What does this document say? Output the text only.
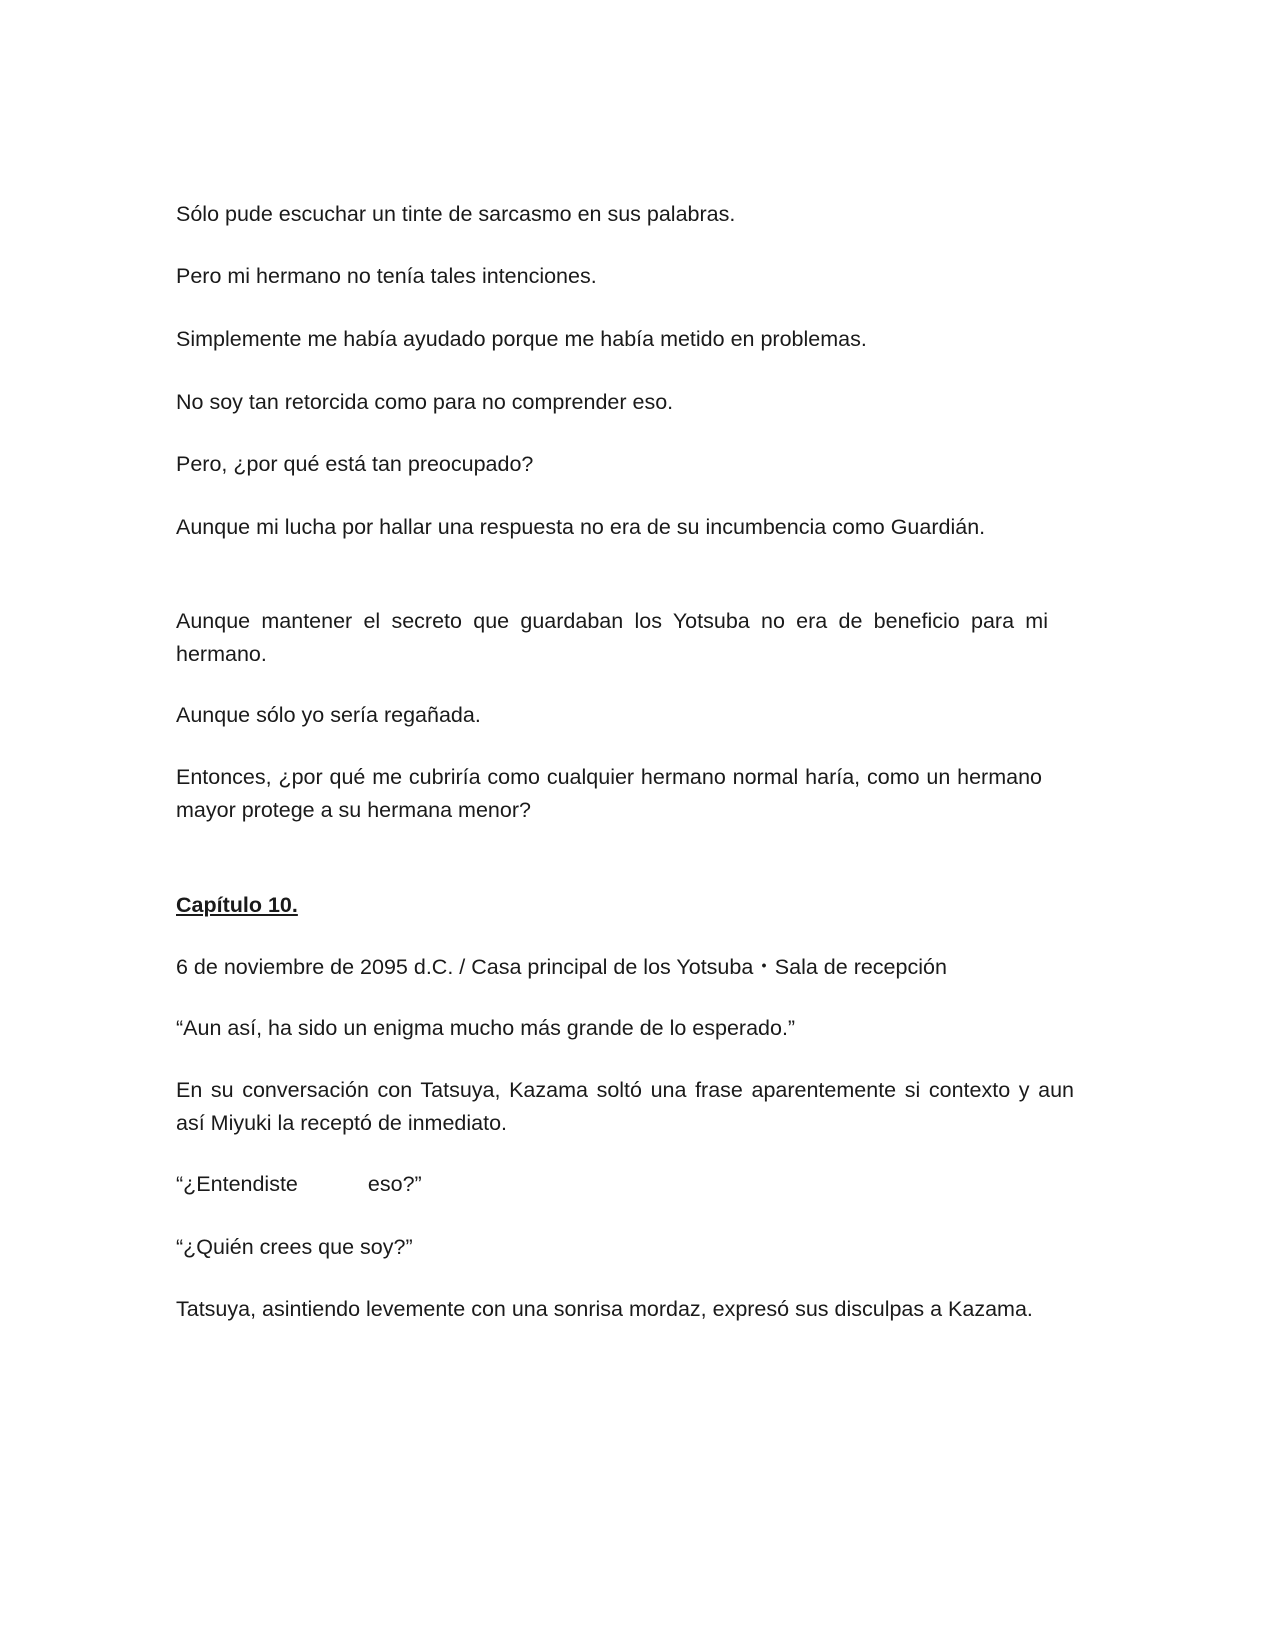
Sólo pude escuchar un tinte de sarcasmo en sus palabras.

Pero mi hermano no tenía tales intenciones.

Simplemente me había ayudado porque me había metido en problemas.

No soy tan retorcida como para no comprender eso.

Pero, ¿por qué está tan preocupado?

Aunque mi lucha por hallar una respuesta no era de su incumbencia como Guardián.

Aunque mantener el secreto que guardaban los Yotsuba no era de beneficio para mi hermano.

Aunque sólo yo sería regañada.

Entonces, ¿por qué me cubriría como cualquier hermano normal haría, como un hermano mayor protege a su hermana menor?

Capítulo 10.

6 de noviembre de 2095 d.C. / Casa principal de los Yotsuba・Sala de recepción

“Aun así, ha sido un enigma mucho más grande de lo esperado.”

En su conversación con Tatsuya, Kazama soltó una frase aparentemente si contexto y aun así Miyuki la receptó de inmediato.

“¿Entendiste	eso?”

“¿Quién crees que soy?”

Tatsuya, asintiendo levemente con una sonrisa mordaz, expresó sus disculpas a Kazama.
